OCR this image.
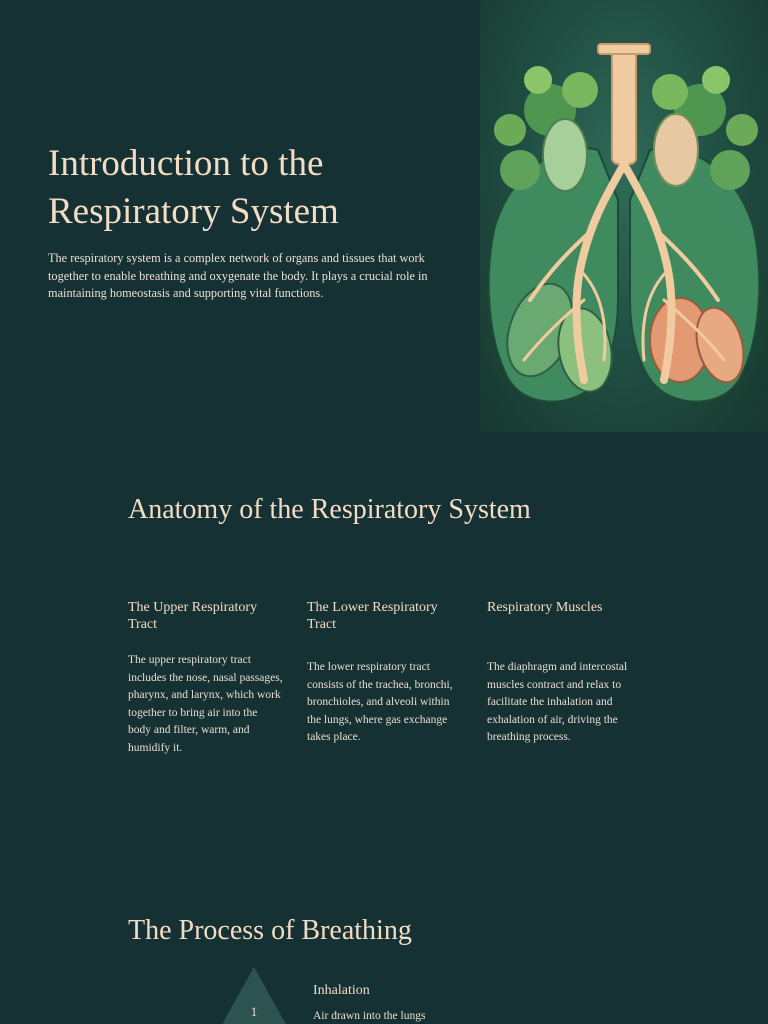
Introduction to the Respiratory System

The respiratory system is a complex network of organs and tissues that work together to enable breathing and oxygenate the body. It plays a crucial role in maintaining homeostasis and supporting vital functions.

Anatomy of the Respiratory System
The Upper Respiratory Tract

The upper respiratory tract includes the nose, nasal passages, pharynx, and larynx, which work together to bring air into the body and filter, warm, and humidify it.

The Lower Respiratory Tract

The lower respiratory tract consists of the trachea, bronchi, bronchioles, and alveoli within the lungs, where gas exchange takes place.

Respiratory Muscles

The diaphragm and intercostal muscles contract and relax to facilitate the inhalation and exhalation of air, driving the breathing process.

The Process of Breathing
1
Inhalation

Air drawn into the lungs
